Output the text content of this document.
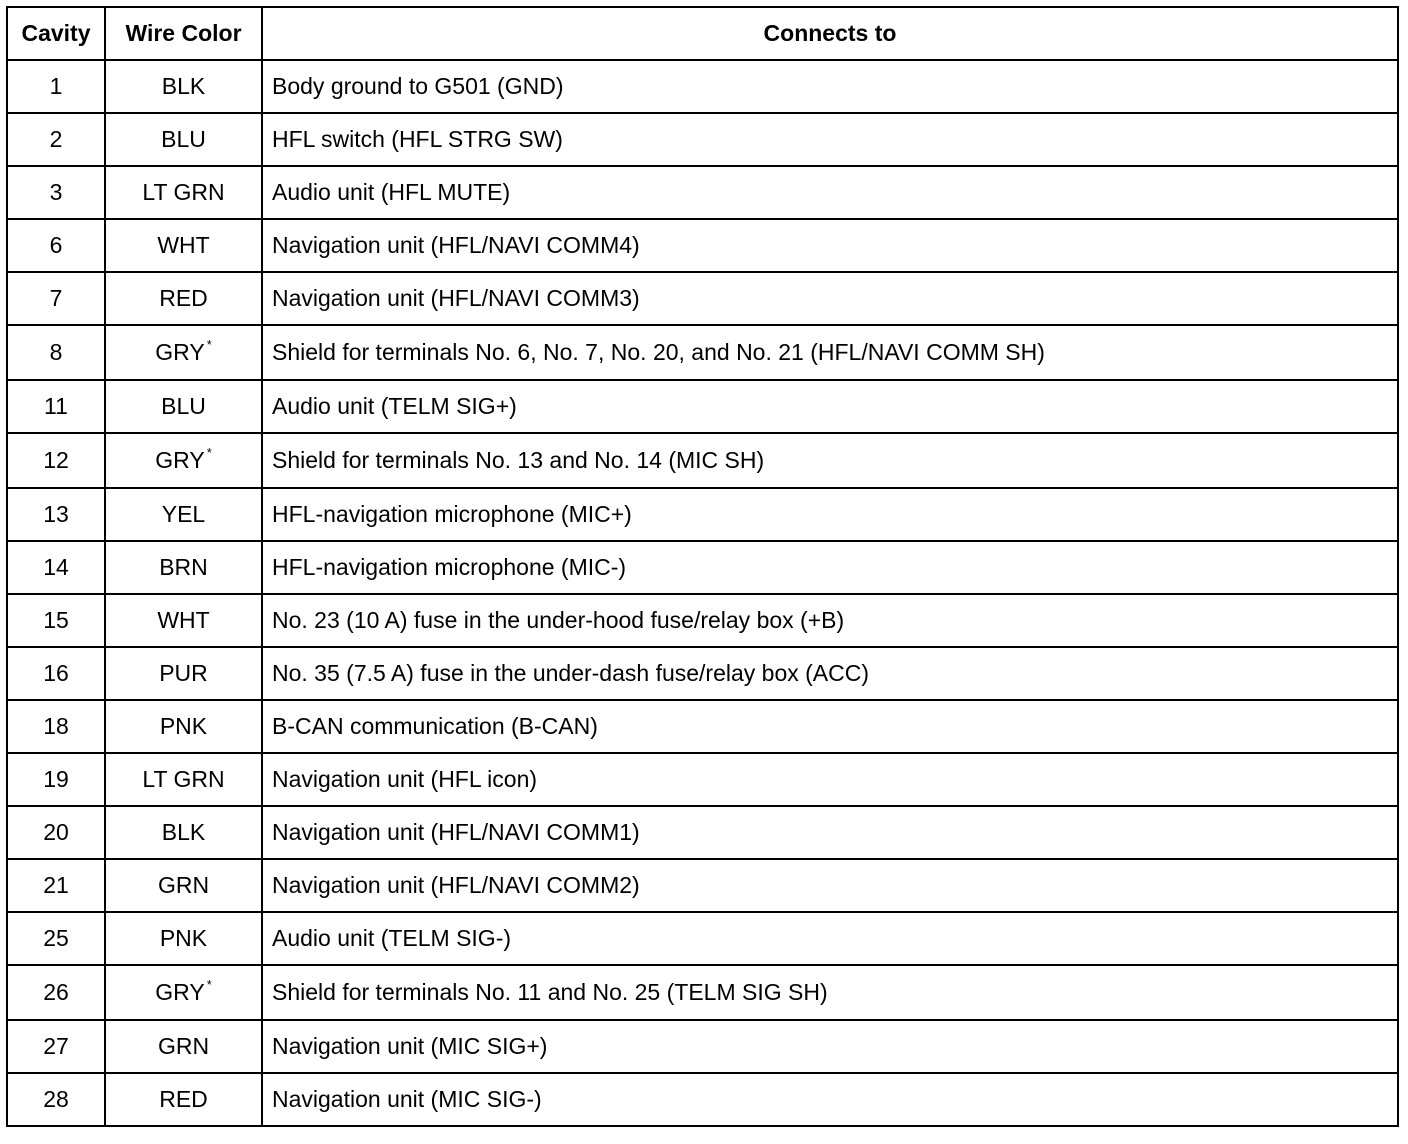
Cavity	Wire Color	Connects to
1	BLK	Body ground to G501 (GND)
2	BLU	HFL switch (HFL STRG SW)
3	LT GRN	Audio unit (HFL MUTE)
6	WHT	Navigation unit (HFL/NAVI COMM4)
7	RED	Navigation unit (HFL/NAVI COMM3)
8	GRY *	Shield for terminals No. 6, No. 7, No. 20, and No. 21 (HFL/NAVI COMM SH)
11	BLU	Audio unit (TELM SIG+)
12	GRY *	Shield for terminals No. 13 and No. 14 (MIC SH)
13	YEL	HFL-navigation microphone (MIC+)
14	BRN	HFL-navigation microphone (MIC-)
15	WHT	No. 23 (10 A) fuse in the under-hood fuse/relay box (+B)
16	PUR	No. 35 (7.5 A) fuse in the under-dash fuse/relay box (ACC)
18	PNK	B-CAN communication (B-CAN)
19	LT GRN	Navigation unit (HFL icon)
20	BLK	Navigation unit (HFL/NAVI COMM1)
21	GRN	Navigation unit (HFL/NAVI COMM2)
25	PNK	Audio unit (TELM SIG-)
26	GRY *	Shield for terminals No. 11 and No. 25 (TELM SIG SH)
27	GRN	Navigation unit (MIC SIG+)
28	RED	Navigation unit (MIC SIG-)
